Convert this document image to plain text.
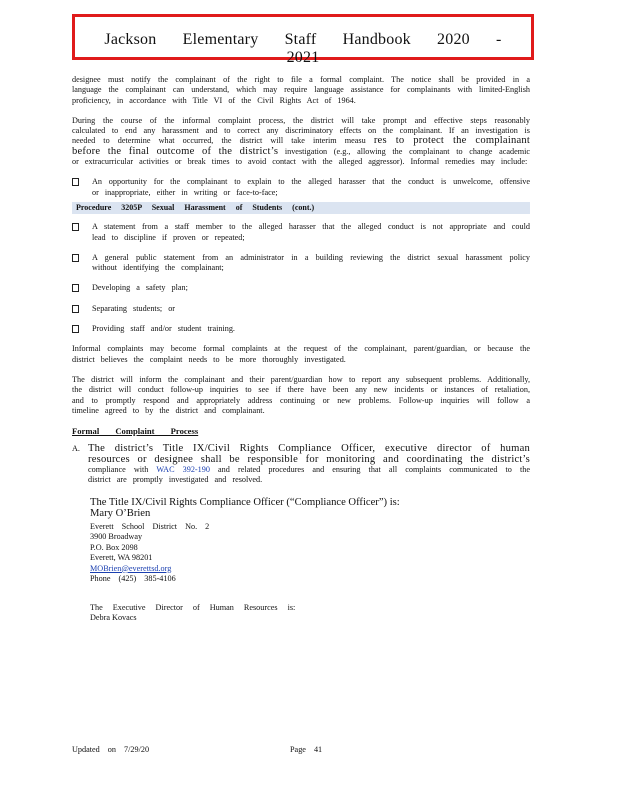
Jackson Elementary Staff Handbook 2020 - 2021

designee must notify the complainant of the right to file a formal complaint. The notice shall be provided in a language the complainant can understand, which may require language assistance for complainants with limited-English proficiency, in accordance with Title VI of the Civil Rights Act of 1964.

During the course of the informal complaint process, the district will take prompt and effective steps reasonably calculated to end any harassment and to correct any discriminatory effects on the complainant. If an investigation is needed to determine what occurred, the district will take interim measu res to protect the complainant before the final outcome of the district’s investigation (e.g., allowing the complainant to change academic or extracurricular activities or break times to avoid contact with the alleged aggressor). Informal remedies may include:

An opportunity for the complainant to explain to the alleged harasser that the conduct is unwelcome, offensive or inappropriate, either in writing or face-to-face;
Procedure 3205P Sexual Harassment of Students (cont.)
A statement from a staff member to the alleged harasser that the alleged conduct is not appropriate and could lead to discipline if proven or repeated;
A general public statement from an administrator in a building reviewing the district sexual harassment policy without identifying the complainant;
Developing a safety plan;
Separating students; or
Providing staff and/or student training.

Informal complaints may become formal complaints at the request of the complainant, parent/guardian, or because the district believes the complaint needs to be more thoroughly investigated.

The district will inform the complainant and their parent/guardian how to report any subsequent problems. Additionally, the district will conduct follow-up inquiries to see if there have been any new incidents or instances of retaliation, and to promptly respond and appropriately address continuing or new problems. Follow-up inquiries will follow a timeline agreed to by the district and complainant.

Formal Complaint Process
A. The district’s Title IX/Civil Rights Compliance Officer, executive director of human resources or designee shall be responsible for monitoring and coordinating the district’s compliance with WAC 392-190 and related procedures and ensuring that all complaints communicated to the district are promptly investigated and resolved.

The Title IX/Civil Rights Compliance Officer (“Compliance Officer”) is:

Mary O’Brien

Everett School District No. 2

3900 Broadway

P.O. Box 2098

Everett, WA 98201

MOBrien@everettsd.org

Phone (425) 385-4106

The Executive Director of Human Resources is:

Debra Kovacs

Updated on 7/29/20	Page 41
